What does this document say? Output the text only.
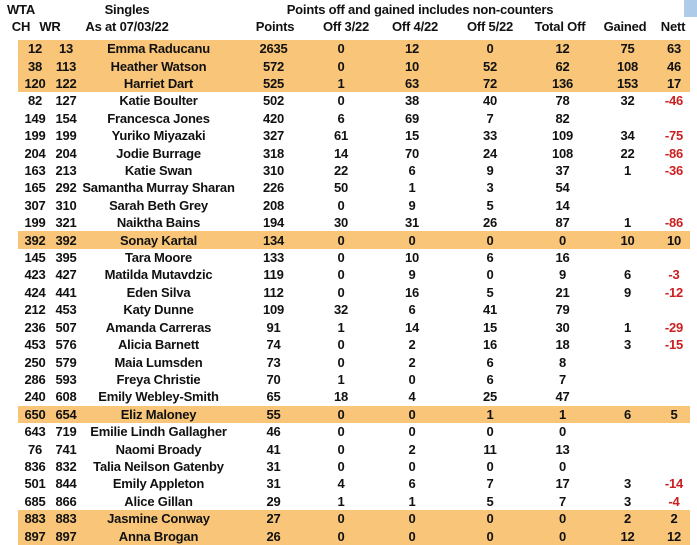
WTA	Singles	Points off and gained includes non-counters
CH WR As at 07/03/22	Points Off 3/22 Off 4/22 Off 5/22 Total Off Gained Nett
12	13	Emma Raducanu	2635	0	12	0	12	75	63
38	113	Heather Watson	572	0	10	52	62	108	46
120 122	Harriet Dart	525	1	63	72	136	153	17
82	127	Katie Boulter	502	0	38	40	78	32	-46
149 154	Francesca Jones	420	6	69	7	82
199 199	Yuriko Miyazaki	327	61	15	33	109	34	-75
204 204	Jodie Burrage	318	14	70	24	108	22	-86
163 213	Katie Swan	310	22	6	9	37	1	-36
165 292 Samantha Murray Sharan	226	50	1	3	54
307 310	Sarah Beth Grey	208	0	9	5	14
199 321	Naiktha Bains	194	30	31	26	87	1	-86
392 392	Sonay Kartal	134	0	0	0	0	10	10
145 395	Tara Moore	133	0	10	6	16
423 427	Matilda Mutavdzic	119	0	9	0	9	6	-3
424 441	Eden Silva	112	0	16	5	21	9	-12
212 453	Katy Dunne	109	32	6	41	79
236 507	Amanda Carreras	91	1	14	15	30	1	-29
453 576	Alicia Barnett	74	0	2	16	18	3	-15
250 579	Maia Lumsden	73	0	2	6	8
286 593	Freya Christie	70	1	0	6	7
240 608	Emily Webley-Smith	65	18	4	25	47
650 654	Eliz Maloney	55	0	0	1	1	6	5
643 719	Emilie Lindh Gallagher	46	0	0	0	0
76	741	Naomi Broady	41	0	2	11	13
836 832	Talia Neilson Gatenby	31	0	0	0	0
501 844	Emily Appleton	31	4	6	7	17	3	-14
685 866	Alice Gillan	29	1	1	5	7	3	-4
883 883	Jasmine Conway	27	0	0	0	0	2	2
897 897	Anna Brogan	26	0	0	0	0	12	12
